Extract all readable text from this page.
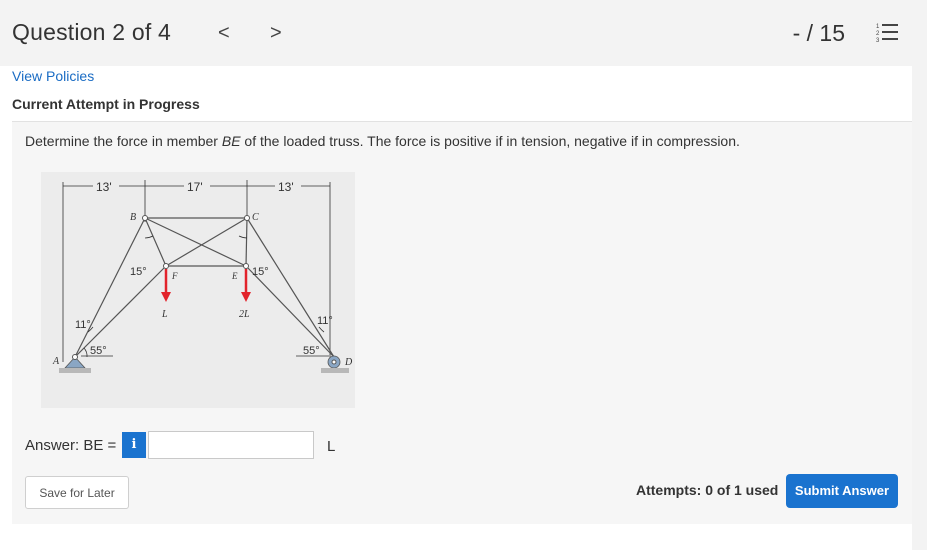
Question 2 of 4 < >	- / 15	1
2
3
View Policies
Current Attempt in Progress
Determine the force in member BE of the loaded truss. The force is positive if in tension, negative if in compression.
13'	17'	13'
B	C
F	E
A	D
15°	15°
11°
55°
11°
55°
L	2L
Answer: BE =	i	L
Save for Later	Attempts: 0 of 1 used	Submit Answer
